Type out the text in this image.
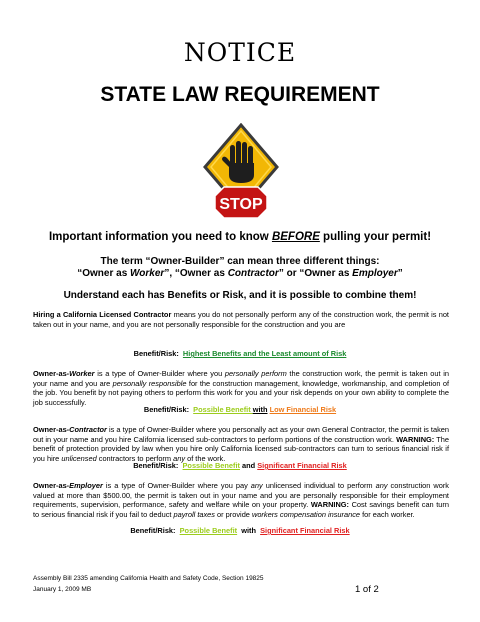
NOTICE
STATE LAW REQUIREMENT
STOP
Important information you need to know BEFORE pulling your permit!
The term “Owner-Builder” can mean three different things:
“Owner as Worker”, “Owner as Contractor” or “Owner as Employer”
Understand each has Benefits or Risk, and it is possible to combine them!
Hiring a California Licensed Contractor means you do not personally perform any of the construction work, the permit is not taken out in your name, and you are not personally responsible for the construction and you are
Benefit/Risk: Highest Benefits and the Least amount of Risk
Owner-as-Worker is a type of Owner-Builder where you personally perform the construction work, the permit is taken out in your name and you are personally responsible for the construction management, knowledge, workmanship, and completion of the job. You benefit by not paying others to perform this work for you and your risk depends on your own ability to complete the job successfully.
Benefit/Risk: Possible Benefit with Low Financial Risk
Owner-as-Contractor is a type of Owner-Builder where you personally act as your own General Contractor, the permit is taken out in your name and you hire California licensed sub-contractors to perform portions of the construction work. WARNING: The benefit of protection provided by law when you hire only California licensed sub-contractors can turn to serious financial risk if you hire unlicensed contractors to perform any of the work.
Benefit/Risk: Possible Benefit and Significant Financial Risk
Owner-as-Employer is a type of Owner-Builder where you pay any unlicensed individual to perform any construction work valued at more than $500.00, the permit is taken out in your name and you are personally responsible for their employment requirements, supervision, performance, safety and welfare while on your property. WARNING: Cost savings benefit can turn to serious financial risk if you fail to deduct payroll taxes or provide workers compensation insurance for each worker.
Benefit/Risk: Possible Benefit  with  Significant Financial Risk
Assembly Bill 2335 amending California Health and Safety Code, Section 19825
January 1, 2009 MB	1 of 2
